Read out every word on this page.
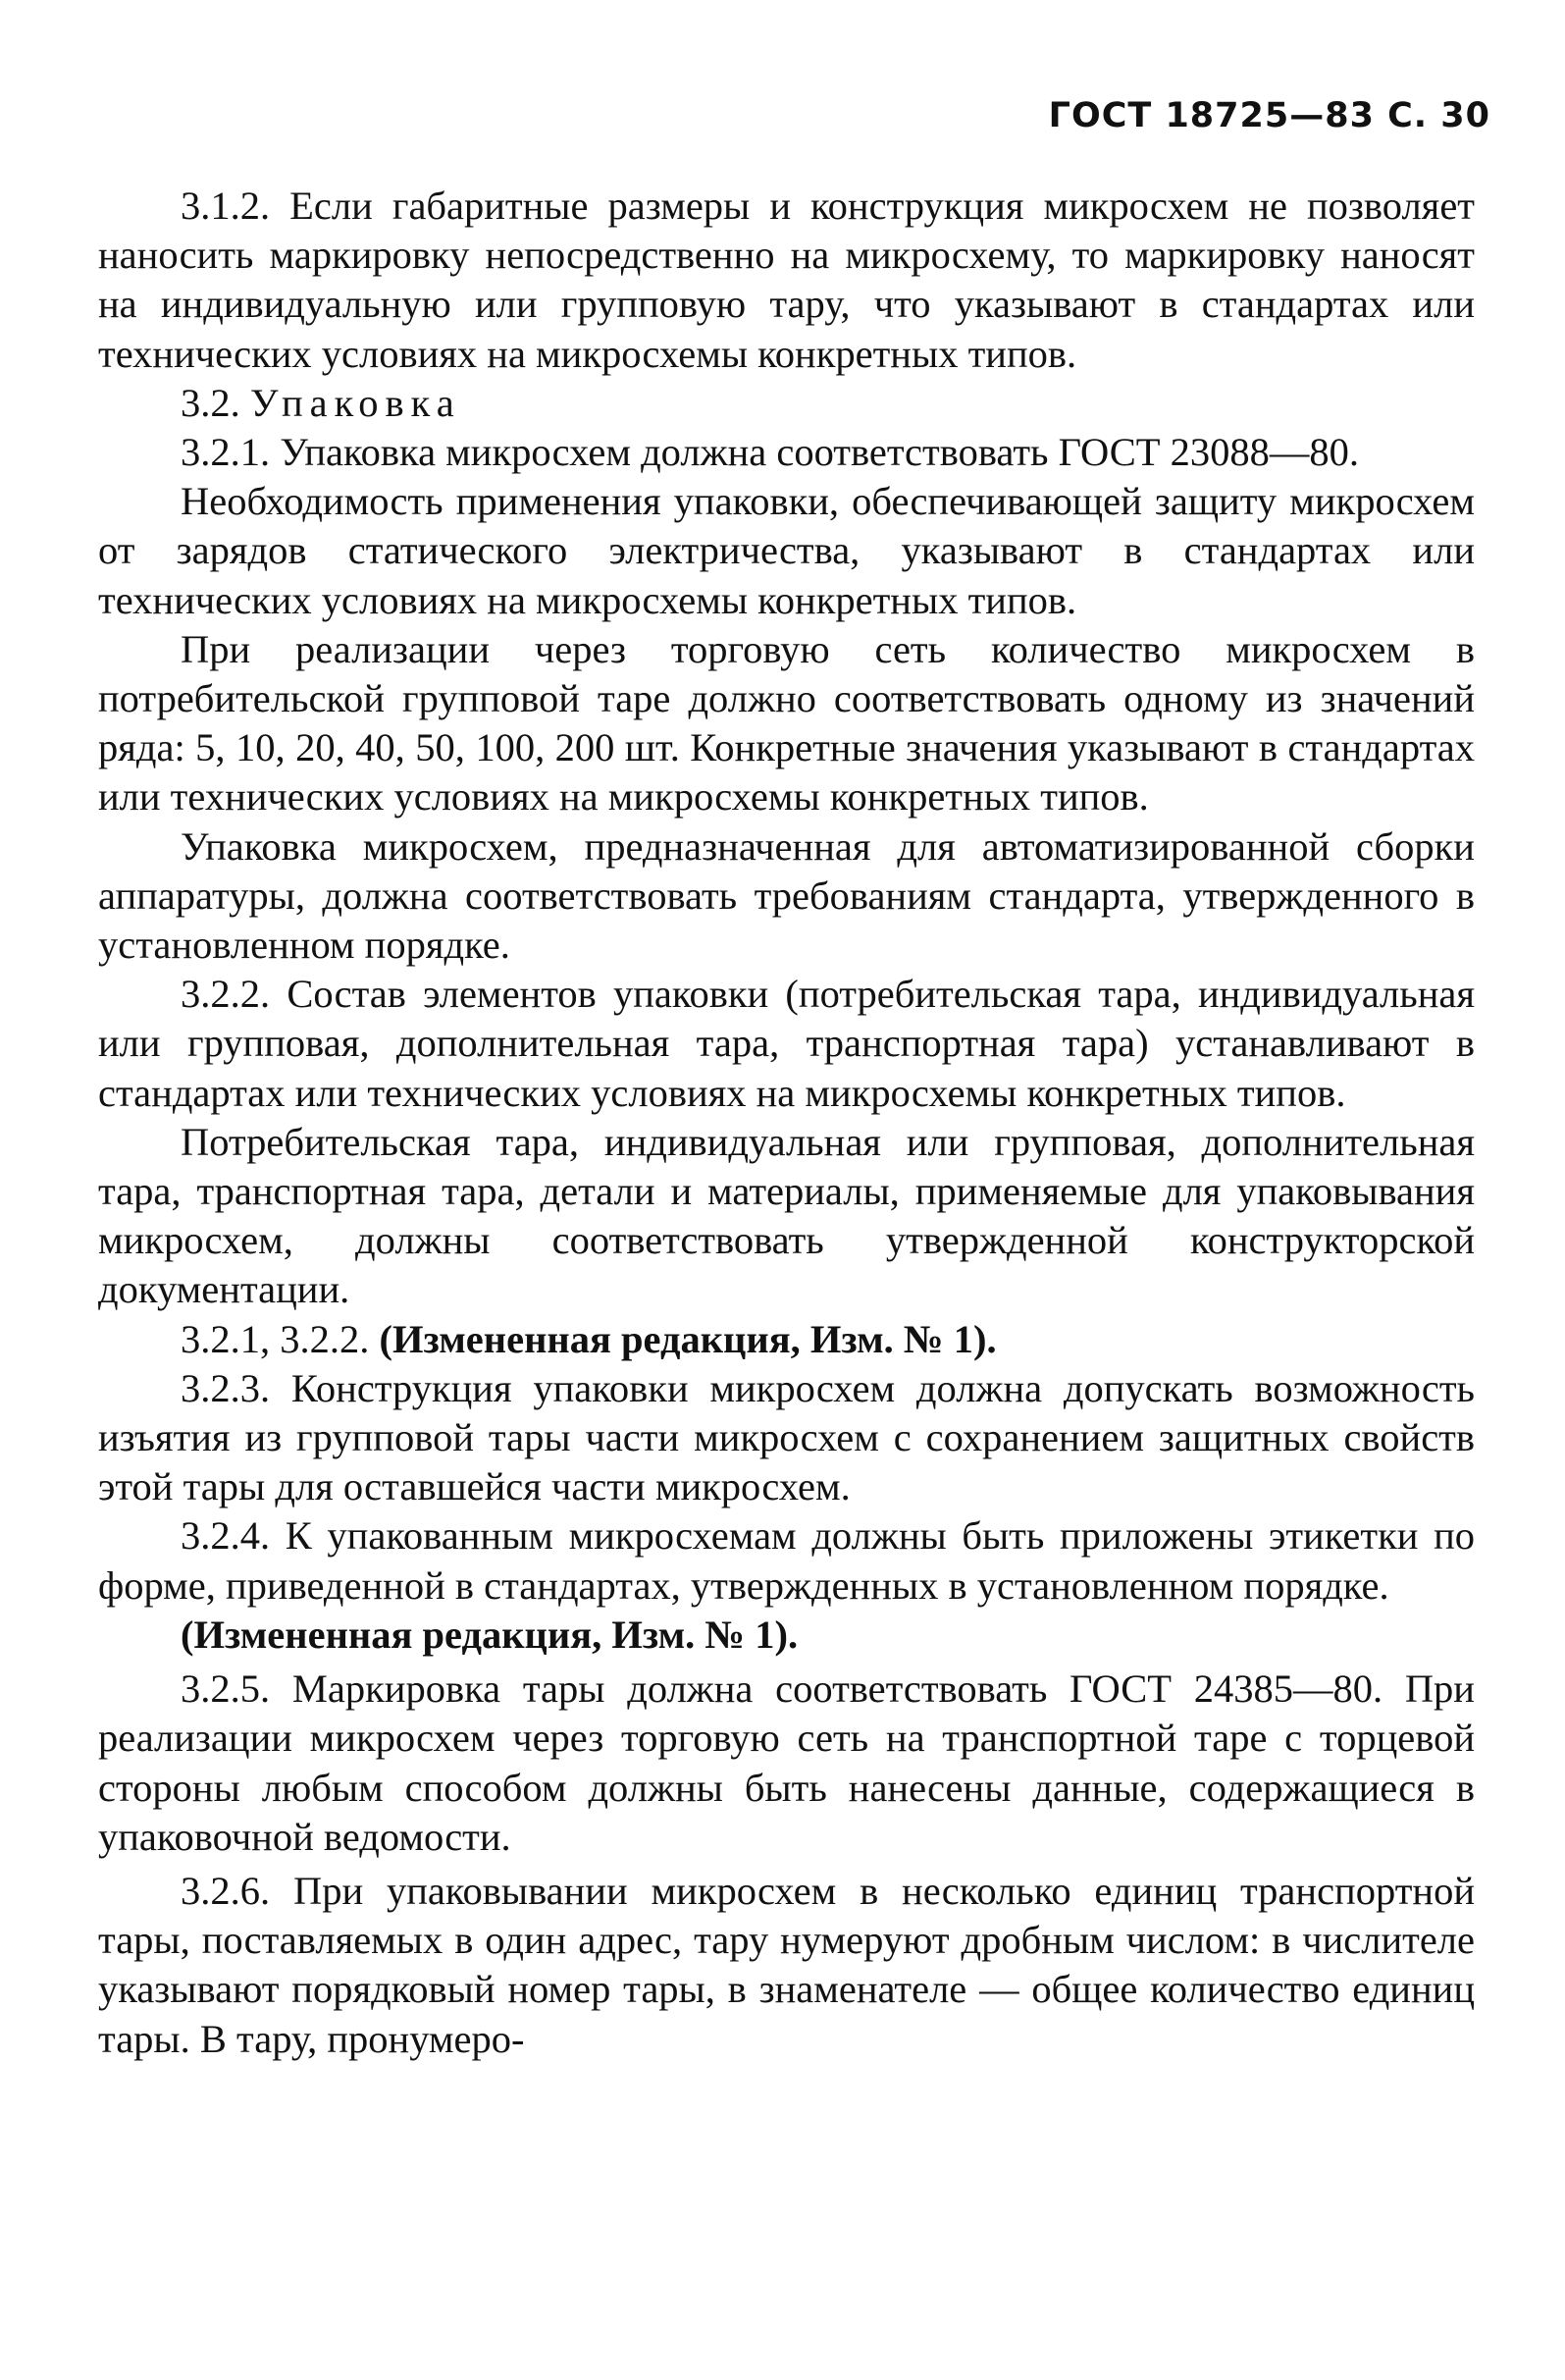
ГОСТ 18725—83 С. 30

3.1.2. Если габаритные размеры и конструкция микросхем не позволяет наносить маркировку непосредственно на микросхему, то маркировку наносят на индивидуальную или групповую тару, что указывают в стандартах или технических условиях на микросхемы конкретных типов.

3.2. Упаковка

3.2.1. Упаковка микросхем должна соответствовать ГОСТ 23088—80.

Необходимость применения упаковки, обеспечивающей защиту микросхем от зарядов статического электричества, указывают в стандартах или технических условиях на микросхемы конкретных типов.

При реализации через торговую сеть количество микросхем в потребительской групповой таре должно соответствовать одному из значений ряда: 5, 10, 20, 40, 50, 100, 200 шт. Конкретные значения указывают в стандартах или технических условиях на микросхемы конкретных типов.

Упаковка микросхем, предназначенная для автоматизированной сборки аппаратуры, должна соответствовать требованиям стандарта, утвержденного в установленном порядке.

3.2.2. Состав элементов упаковки (потребительская тара, индивидуальная или групповая, дополнительная тара, транспортная тара) устанавливают в стандартах или технических условиях на микросхемы конкретных типов.

Потребительская тара, индивидуальная или групповая, дополнительная тара, транспортная тара, детали и материалы, применяемые для упаковывания микросхем, должны соответствовать утвержденной конструкторской документации.

3.2.1, 3.2.2. (Измененная редакция, Изм. № 1).

3.2.3. Конструкция упаковки микросхем должна допускать возможность изъятия из групповой тары части микросхем с сохранением защитных свойств этой тары для оставшейся части микросхем.

3.2.4. К упакованным микросхемам должны быть приложены этикетки по форме, приведенной в стандартах, утвержденных в установленном порядке.

(Измененная редакция, Изм. № 1).

3.2.5. Маркировка тары должна соответствовать ГОСТ 24385—80. При реализации микросхем через торговую сеть на транспортной таре с торцевой стороны любым способом должны быть нанесены данные, содержащиеся в упаковочной ведомости.

3.2.6. При упаковывании микросхем в несколько единиц транспортной тары, поставляемых в один адрес, тару нумеруют дробным числом: в числителе указывают порядковый номер тары, в знаменателе — общее количество единиц тары. В тару, пронумеро-
